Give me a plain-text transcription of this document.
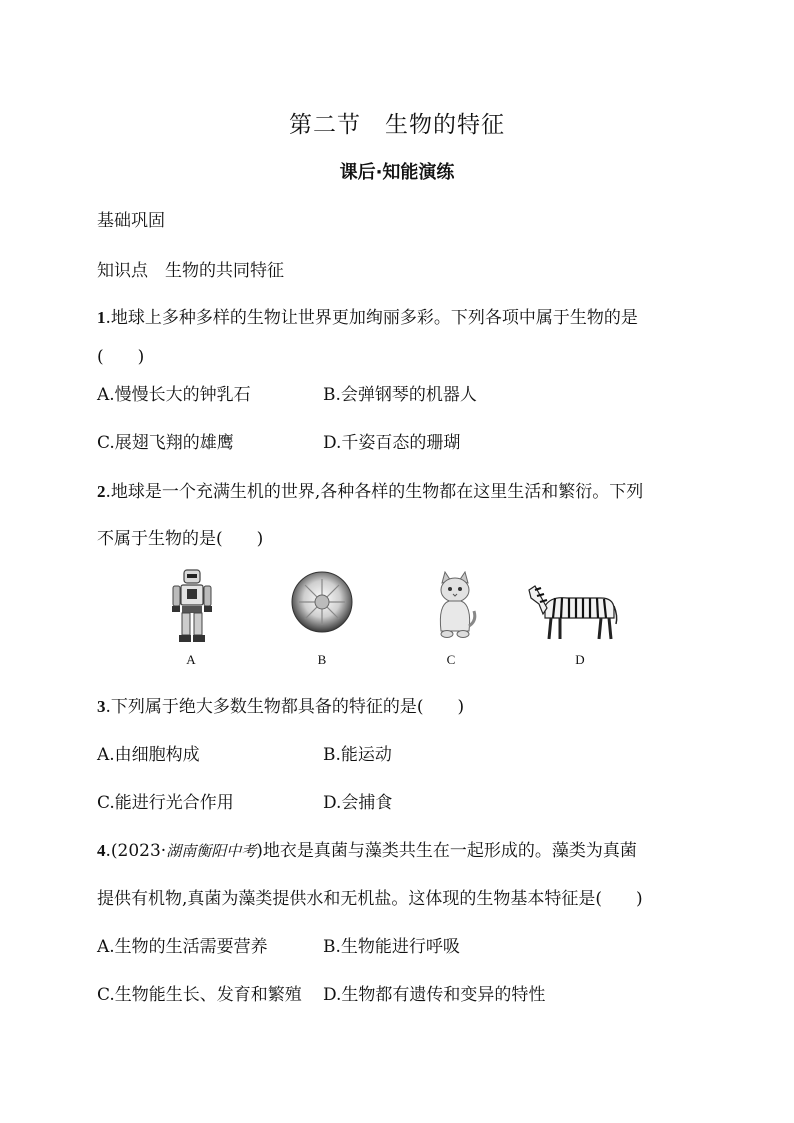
第二节　生物的特征
课后·知能演练
基础巩固
知识点　生物的共同特征
1.地球上多种多样的生物让世界更加绚丽多彩。下列各项中属于生物的是
(　　)
A.慢慢长大的钟乳石	B.会弹钢琴的机器人
C.展翅飞翔的雄鹰	D.千姿百态的珊瑚
2.地球是一个充满生机的世界,各种各样的生物都在这里生活和繁衍。下列
不属于生物的是(　　)
A	B	C	D
3.下列属于绝大多数生物都具备的特征的是(　　)
A.由细胞构成	B.能运动
C.能进行光合作用	D.会捕食
4.(2023·湖南衡阳中考)地衣是真菌与藻类共生在一起形成的。藻类为真菌
提供有机物,真菌为藻类提供水和无机盐。这体现的生物基本特征是(　　)
A.生物的生活需要营养	B.生物能进行呼吸
C.生物能生长、发育和繁殖 D.生物都有遗传和变异的特性
